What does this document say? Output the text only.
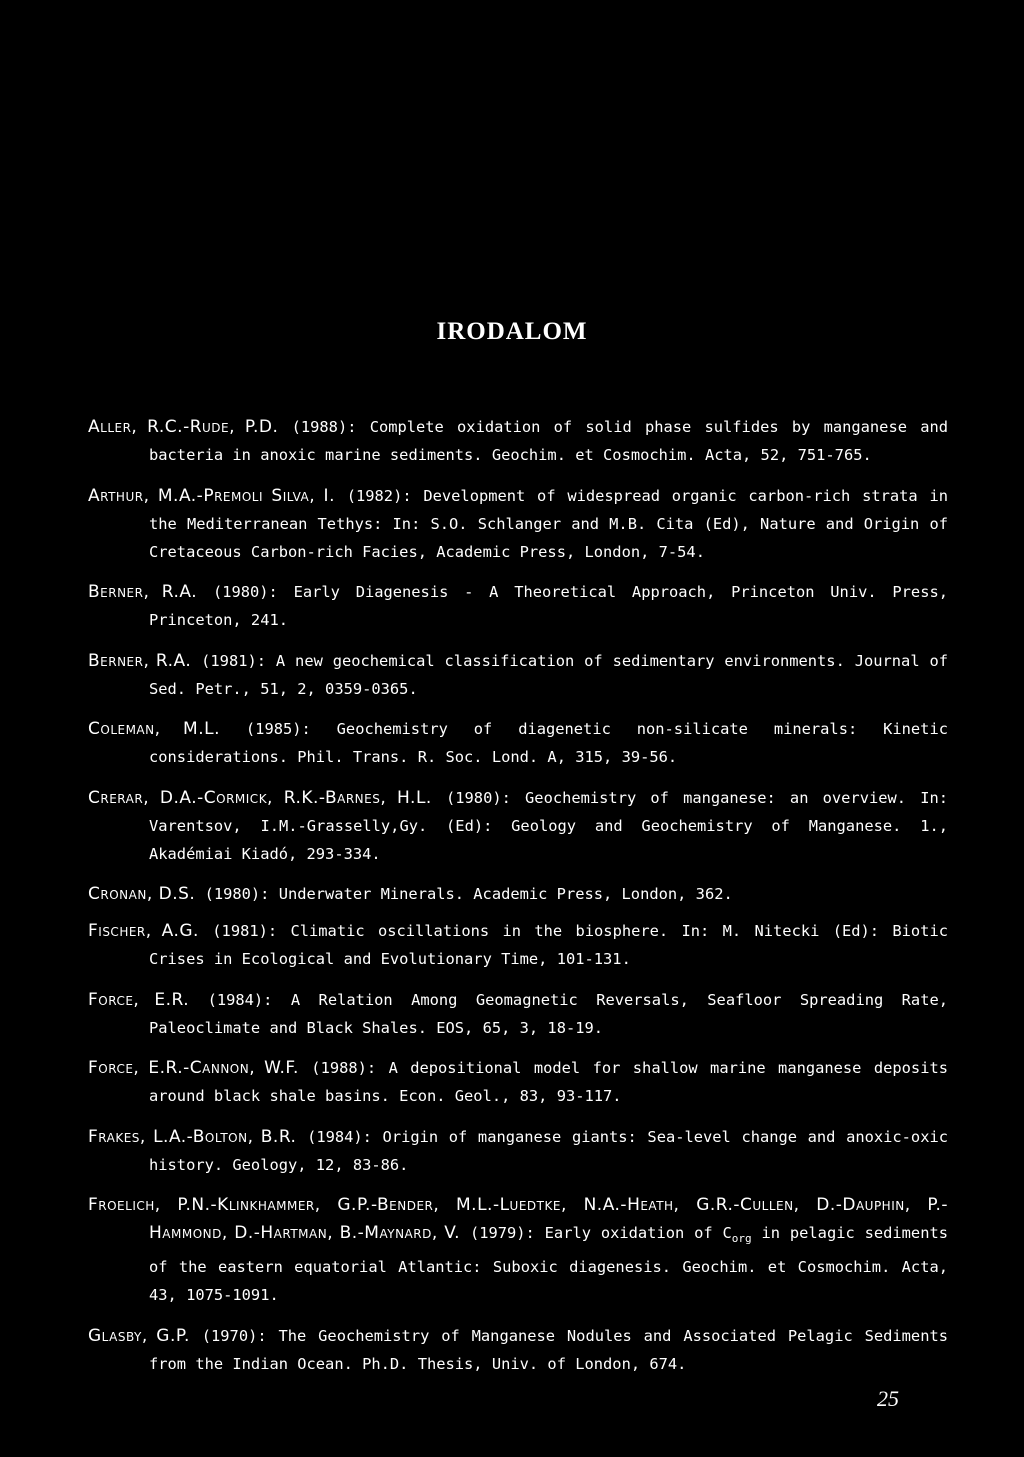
IRODALOM

Aller, R.C.-Rude, P.D. (1988): Complete oxidation of solid phase sulfides by manganese and bacteria in anoxic marine sediments. Geochim. et Cosmochim. Acta, 52, 751-765.

Arthur, M.A.-Premoli Silva, I. (1982): Development of widespread organic carbon-rich strata in the Mediterranean Tethys: In: S.O. Schlanger and M.B. Cita (Ed), Nature and Origin of Cretaceous Carbon-rich Facies, Academic Press, London, 7-54.

Berner, R.A. (1980): Early Diagenesis - A Theoretical Approach, Princeton Univ. Press, Princeton, 241.

Berner, R.A. (1981): A new geochemical classification of sedimentary environments. Journal of Sed. Petr., 51, 2, 0359-0365.

Coleman, M.L. (1985): Geochemistry of diagenetic non-silicate minerals: Kinetic considerations. Phil. Trans. R. Soc. Lond. A, 315, 39-56.

Crerar, D.A.-Cormick, R.K.-Barnes, H.L. (1980): Geochemistry of manganese: an overview. In: Varentsov, I.M.-Grasselly,Gy. (Ed): Geology and Geochemistry of Manganese. 1., Akadémiai Kiadó, 293-334.

Cronan, D.S. (1980): Underwater Minerals. Academic Press, London, 362.

Fischer, A.G. (1981): Climatic oscillations in the biosphere. In: M. Nitecki (Ed): Biotic Crises in Ecological and Evolutionary Time, 101-131.

Force, E.R. (1984): A Relation Among Geomagnetic Reversals, Seafloor Spreading Rate, Paleoclimate and Black Shales. EOS, 65, 3, 18-19.

Force, E.R.-Cannon, W.F. (1988): A depositional model for shallow marine manganese deposits around black shale basins. Econ. Geol., 83, 93-117.

Frakes, L.A.-Bolton, B.R. (1984): Origin of manganese giants: Sea-level change and anoxic-oxic history. Geology, 12, 83-86.

Froelich, P.N.-Klinkhammer, G.P.-Bender, M.L.-Luedtke, N.A.-Heath, G.R.-Cullen, D.-Dauphin, P.-Hammond, D.-Hartman, B.-Maynard, V. (1979): Early oxidation of $C_{org}$ in pelagic sediments of the eastern equatorial Atlantic: Suboxic diagenesis. Geochim. et Cosmochim. Acta, 43, 1075-1091.

Glasby, G.P. (1970): The Geochemistry of Manganese Nodules and Associated Pelagic Sediments from the Indian Ocean. Ph.D. Thesis, Univ. of London, 674.

25
